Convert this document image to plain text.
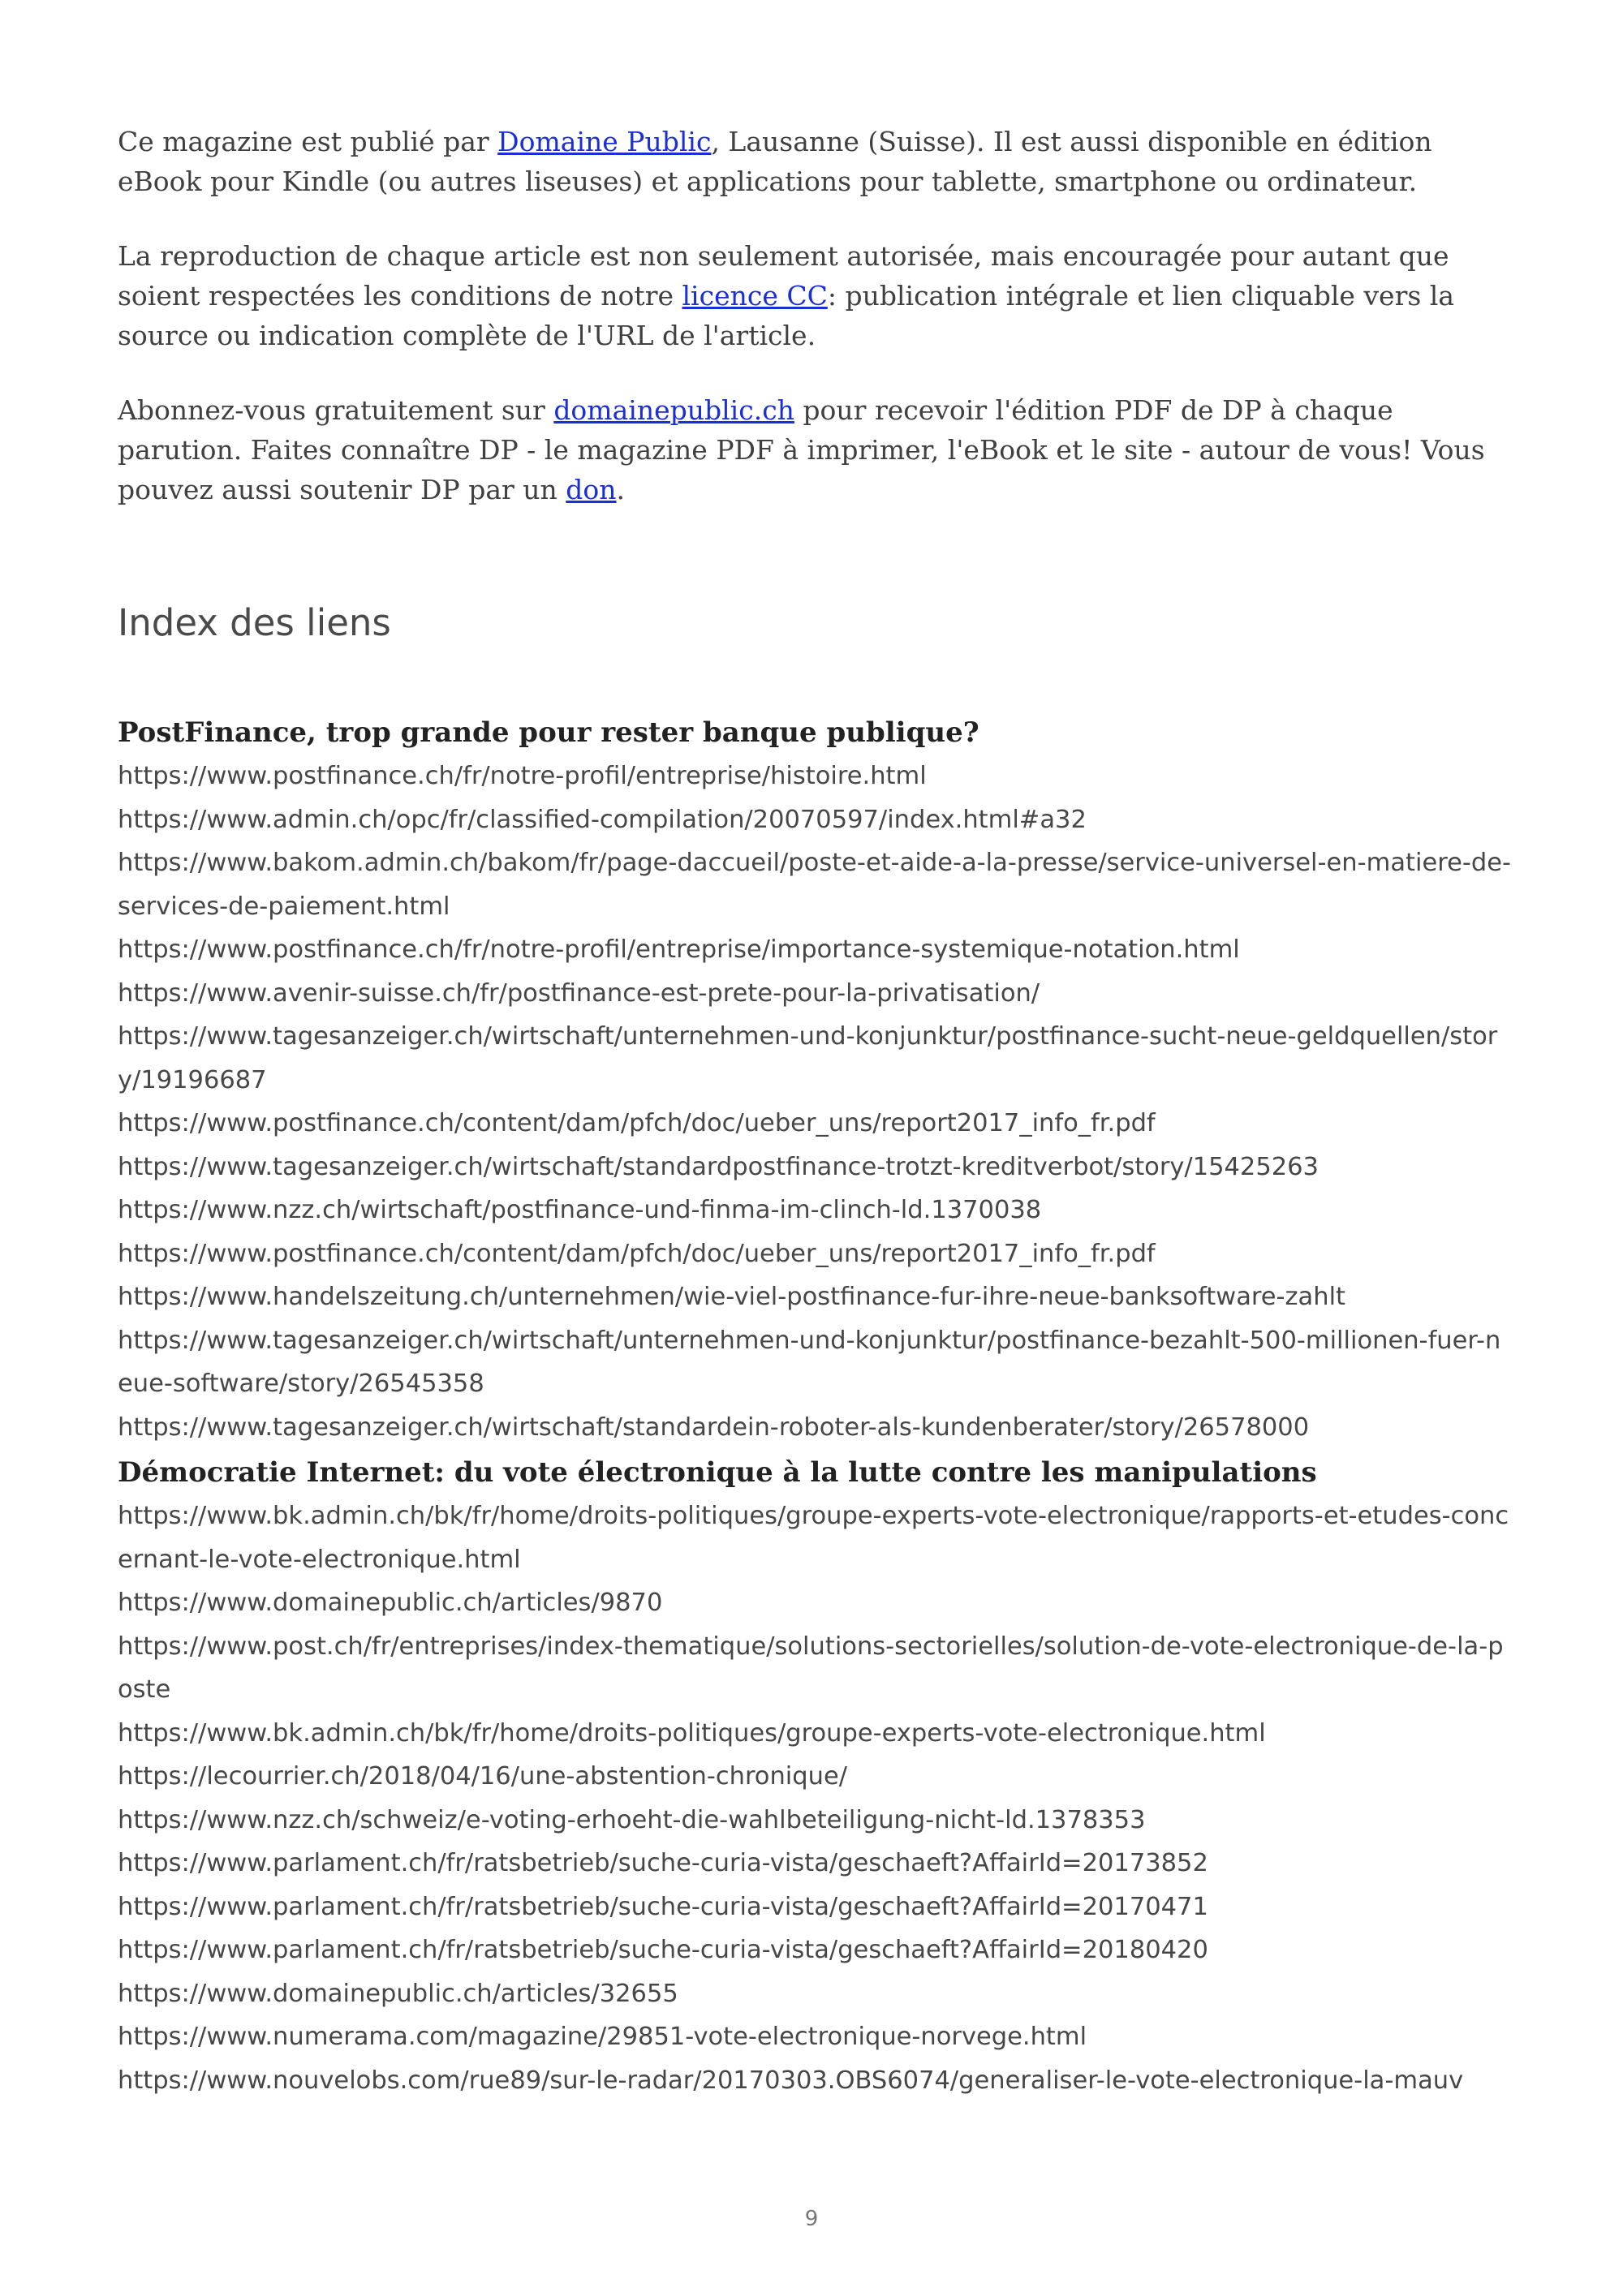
Ce magazine est publié par Domaine Public, Lausanne (Suisse). Il est aussi disponible en édition eBook pour Kindle (ou autres liseuses) et applications pour tablette, smartphone ou ordinateur.

La reproduction de chaque article est non seulement autorisée, mais encouragée pour autant que soient respectées les conditions de notre licence CC: publication intégrale et lien cliquable vers la source ou indication complète de l'URL de l'article.

Abonnez-vous gratuitement sur domainepublic.ch pour recevoir l'édition PDF de DP à chaque parution. Faites connaître DP - le magazine PDF à imprimer, l'eBook et le site - autour de vous! Vous pouvez aussi soutenir DP par un don.

Index des liens
PostFinance, trop grande pour rester banque publique?
https://www.postfinance.ch/fr/notre-profil/entreprise/histoire.html
https://www.admin.ch/opc/fr/classified-compilation/20070597/index.html#a32
https://www.bakom.admin.ch/bakom/fr/page-daccueil/poste-et-aide-a-la-presse/service-universel-en-matiere-de-services-de-paiement.html
https://www.postfinance.ch/fr/notre-profil/entreprise/importance-systemique-notation.html
https://www.avenir-suisse.ch/fr/postfinance-est-prete-pour-la-privatisation/
https://www.tagesanzeiger.ch/wirtschaft/unternehmen-und-konjunktur/postfinance-sucht-neue-geldquellen/story/19196687
https://www.postfinance.ch/content/dam/pfch/doc/ueber_uns/report2017_info_fr.pdf
https://www.tagesanzeiger.ch/wirtschaft/standardpostfinance-trotzt-kreditverbot/story/15425263
https://www.nzz.ch/wirtschaft/postfinance-und-finma-im-clinch-ld.1370038
https://www.postfinance.ch/content/dam/pfch/doc/ueber_uns/report2017_info_fr.pdf
https://www.handelszeitung.ch/unternehmen/wie-viel-postfinance-fur-ihre-neue-banksoftware-zahlt
https://www.tagesanzeiger.ch/wirtschaft/unternehmen-und-konjunktur/postfinance-bezahlt-500-millionen-fuer-neue-software/story/26545358
https://www.tagesanzeiger.ch/wirtschaft/standardein-roboter-als-kundenberater/story/26578000
Démocratie Internet: du vote électronique à la lutte contre les manipulations
https://www.bk.admin.ch/bk/fr/home/droits-politiques/groupe-experts-vote-electronique/rapports-et-etudes-concernant-le-vote-electronique.html
https://www.domainepublic.ch/articles/9870
https://www.post.ch/fr/entreprises/index-thematique/solutions-sectorielles/solution-de-vote-electronique-de-la-poste
https://www.bk.admin.ch/bk/fr/home/droits-politiques/groupe-experts-vote-electronique.html
https://lecourrier.ch/2018/04/16/une-abstention-chronique/
https://www.nzz.ch/schweiz/e-voting-erhoeht-die-wahlbeteiligung-nicht-ld.1378353
https://www.parlament.ch/fr/ratsbetrieb/suche-curia-vista/geschaeft?AffairId=20173852
https://www.parlament.ch/fr/ratsbetrieb/suche-curia-vista/geschaeft?AffairId=20170471
https://www.parlament.ch/fr/ratsbetrieb/suche-curia-vista/geschaeft?AffairId=20180420
https://www.domainepublic.ch/articles/32655
https://www.numerama.com/magazine/29851-vote-electronique-norvege.html
https://www.nouvelobs.com/rue89/sur-le-radar/20170303.OBS6074/generaliser-le-vote-electronique-la-mauv
9
